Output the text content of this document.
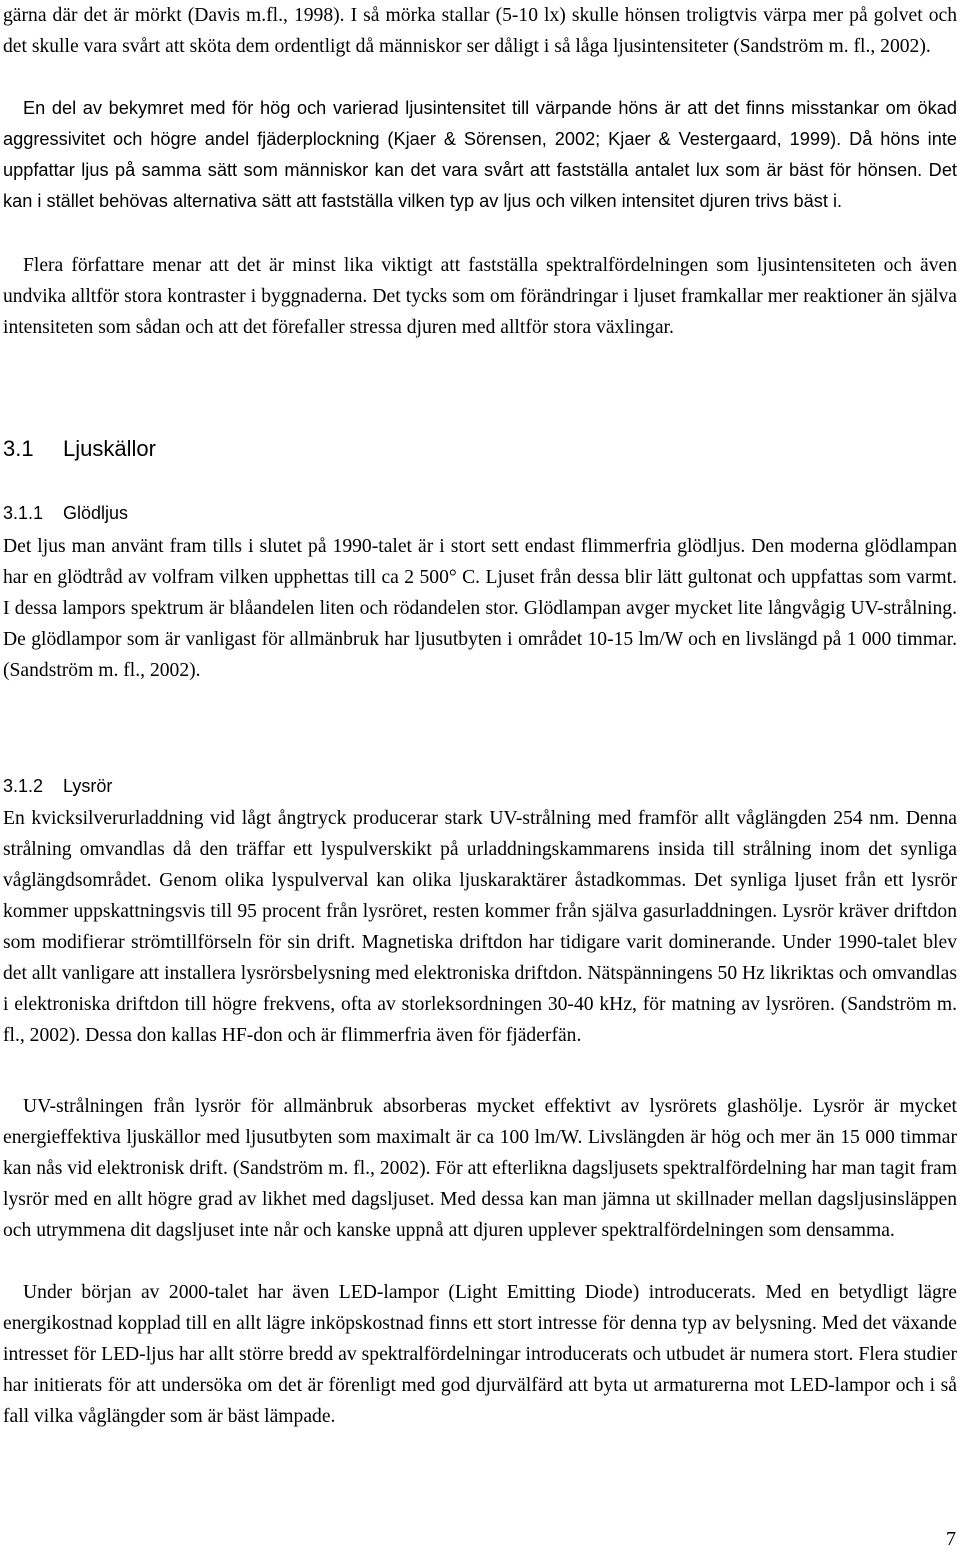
gärna där det är mörkt (Davis m.fl., 1998). I så mörka stallar (5-10 lx) skulle hönsen troligtvis värpa mer på golvet och det skulle vara svårt att sköta dem ordentligt då människor ser dåligt i så låga ljusintensiteter (Sandström m. fl., 2002).

En del av bekymret med för hög och varierad ljusintensitet till värpande höns är att det finns misstankar om ökad aggressivitet och högre andel fjäderplockning (Kjaer & Sörensen, 2002; Kjaer & Vestergaard, 1999). Då höns inte uppfattar ljus på samma sätt som människor kan det vara svårt att fastställa antalet lux som är bäst för hönsen. Det kan i stället behövas alternativa sätt att fastställa vilken typ av ljus och vilken intensitet djuren trivs bäst i.

Flera författare menar att det är minst lika viktigt att fastställa spektralfördelningen som ljusintensiteten och även undvika alltför stora kontraster i byggnaderna. Det tycks som om förändringar i ljuset framkallar mer reaktioner än själva intensiteten som sådan och att det förefaller stressa djuren med alltför stora växlingar.

3.1 Ljuskällor
3.1.1 Glödljus

Det ljus man använt fram tills i slutet på 1990-talet är i stort sett endast flimmerfria glödljus. Den moderna glödlampan har en glödtråd av volfram vilken upphettas till ca 2 500° C. Ljuset från dessa blir lätt gultonat och uppfattas som varmt. I dessa lampors spektrum är blåandelen liten och rödandelen stor. Glödlampan avger mycket lite långvågig UV-strålning. De glödlampor som är vanligast för allmänbruk har ljusutbyten i området 10-15 lm/W och en livslängd på 1 000 timmar. (Sandström m. fl., 2002).

3.1.2 Lysrör

En kvicksilverurladdning vid lågt ångtryck producerar stark UV-strålning med framför allt våglängden 254 nm. Denna strålning omvandlas då den träffar ett lyspulverskikt på urladdningskammarens insida till strålning inom det synliga våglängdsområdet. Genom olika lyspulverval kan olika ljuskaraktärer åstadkommas. Det synliga ljuset från ett lysrör kommer uppskattningsvis till 95 procent från lysröret, resten kommer från själva gasurladdningen. Lysrör kräver driftdon som modifierar strömtillförseln för sin drift. Magnetiska driftdon har tidigare varit dominerande. Under 1990-talet blev det allt vanligare att installera lysrörsbelysning med elektroniska driftdon. Nätspänningens 50 Hz likriktas och omvandlas i elektroniska driftdon till högre frekvens, ofta av storleksordningen 30-40 kHz, för matning av lysrören. (Sandström m. fl., 2002). Dessa don kallas HF-don och är flimmerfria även för fjäderfän.

UV-strålningen från lysrör för allmänbruk absorberas mycket effektivt av lysrörets glashölje. Lysrör är mycket energieffektiva ljuskällor med ljusutbyten som maximalt är ca 100 lm/W. Livslängden är hög och mer än 15 000 timmar kan nås vid elektronisk drift. (Sandström m. fl., 2002). För att efterlikna dagsljusets spektralfördelning har man tagit fram lysrör med en allt högre grad av likhet med dagsljuset. Med dessa kan man jämna ut skillnader mellan dagsljusinsläppen och utrymmena dit dagsljuset inte når och kanske uppnå att djuren upplever spektralfördelningen som densamma.

Under början av 2000-talet har även LED-lampor (Light Emitting Diode) introducerats. Med en betydligt lägre energikostnad kopplad till en allt lägre inköpskostnad finns ett stort intresse för denna typ av belysning. Med det växande intresset för LED-ljus har allt större bredd av spektralfördelningar introducerats och utbudet är numera stort. Flera studier har initierats för att undersöka om det är förenligt med god djurvälfärd att byta ut armaturerna mot LED-lampor och i så fall vilka våglängder som är bäst lämpade.

7
